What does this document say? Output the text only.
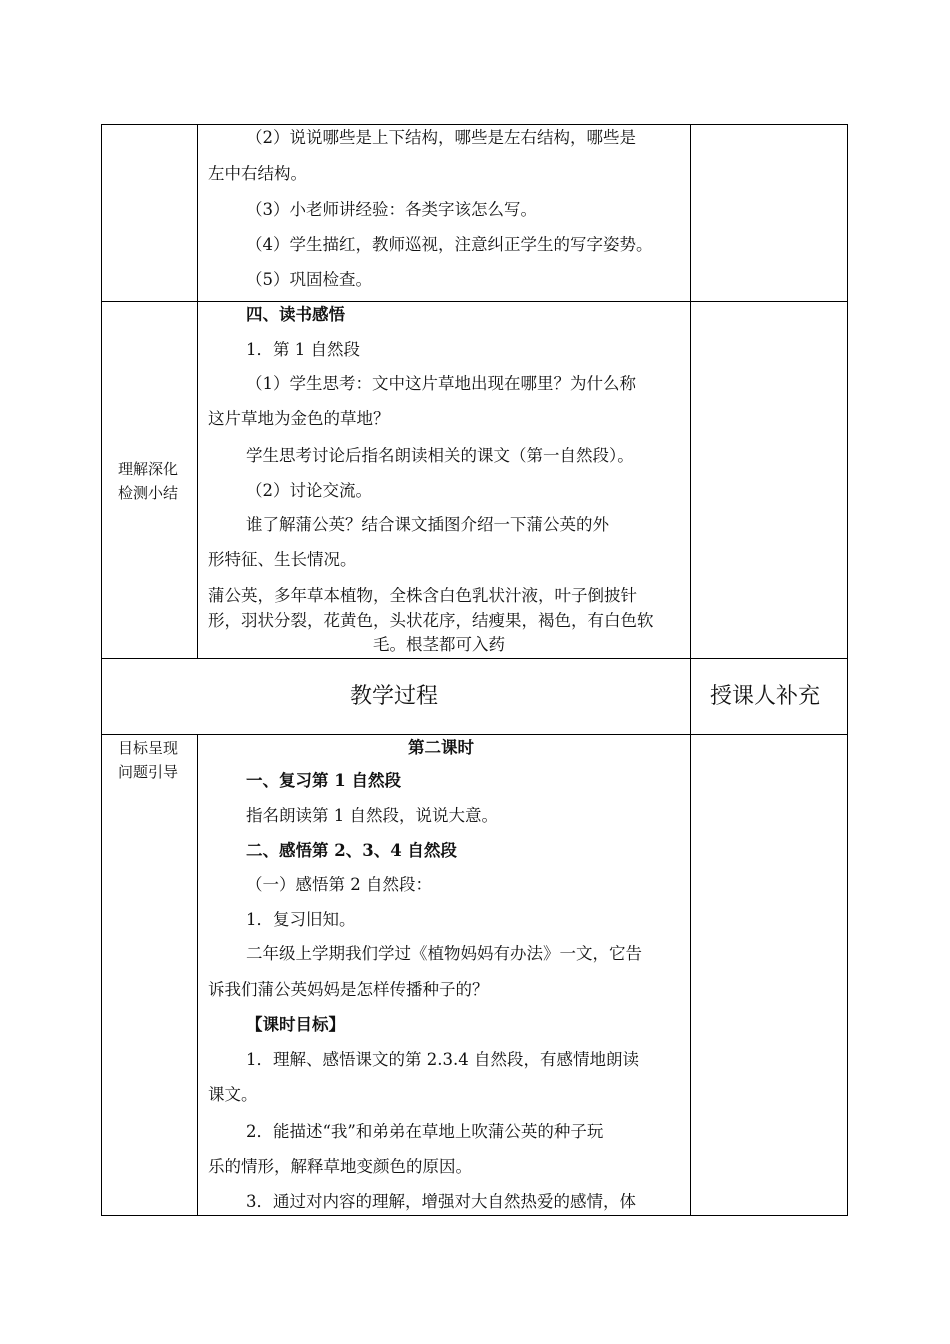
（2）说说哪些是上下结构，哪些是左右结构，哪些是
左中右结构。
（3）小老师讲经验：各类字该怎么写。
（4）学生描红，教师巡视，注意纠正学生的写字姿势。
（5）巩固检查。
理解深化
检测小结
四、读书感悟
1．第 1 自然段
（1）学生思考：文中这片草地出现在哪里？为什么称
这片草地为金色的草地？
学生思考讨论后指名朗读相关的课文（第一自然段）。
（2）讨论交流。
谁了解蒲公英？结合课文插图介绍一下蒲公英的外
形特征、生长情况。
蒲公英，多年草本植物，全株含白色乳状汁液，叶子倒披针
形，羽状分裂，花黄色，头状花序，结瘦果，褐色，有白色软
毛。根茎都可入药
教学过程	授课人补充
目标呈现
问题引导
第二课时
一、复习第 1 自然段
指名朗读第 1 自然段，说说大意。
二、感悟第 2、3、4 自然段
（一）感悟第 2 自然段：
1．复习旧知。
二年级上学期我们学过《植物妈妈有办法》一文，它告
诉我们蒲公英妈妈是怎样传播种子的？
【课时目标】
1．理解、感悟课文的第 2.3.4 自然段，有感情地朗读
课文。
2．能描述“我”和弟弟在草地上吹蒲公英的种子玩
乐的情形，解释草地变颜色的原因。
3．通过对内容的理解，增强对大自然热爱的感情，体
